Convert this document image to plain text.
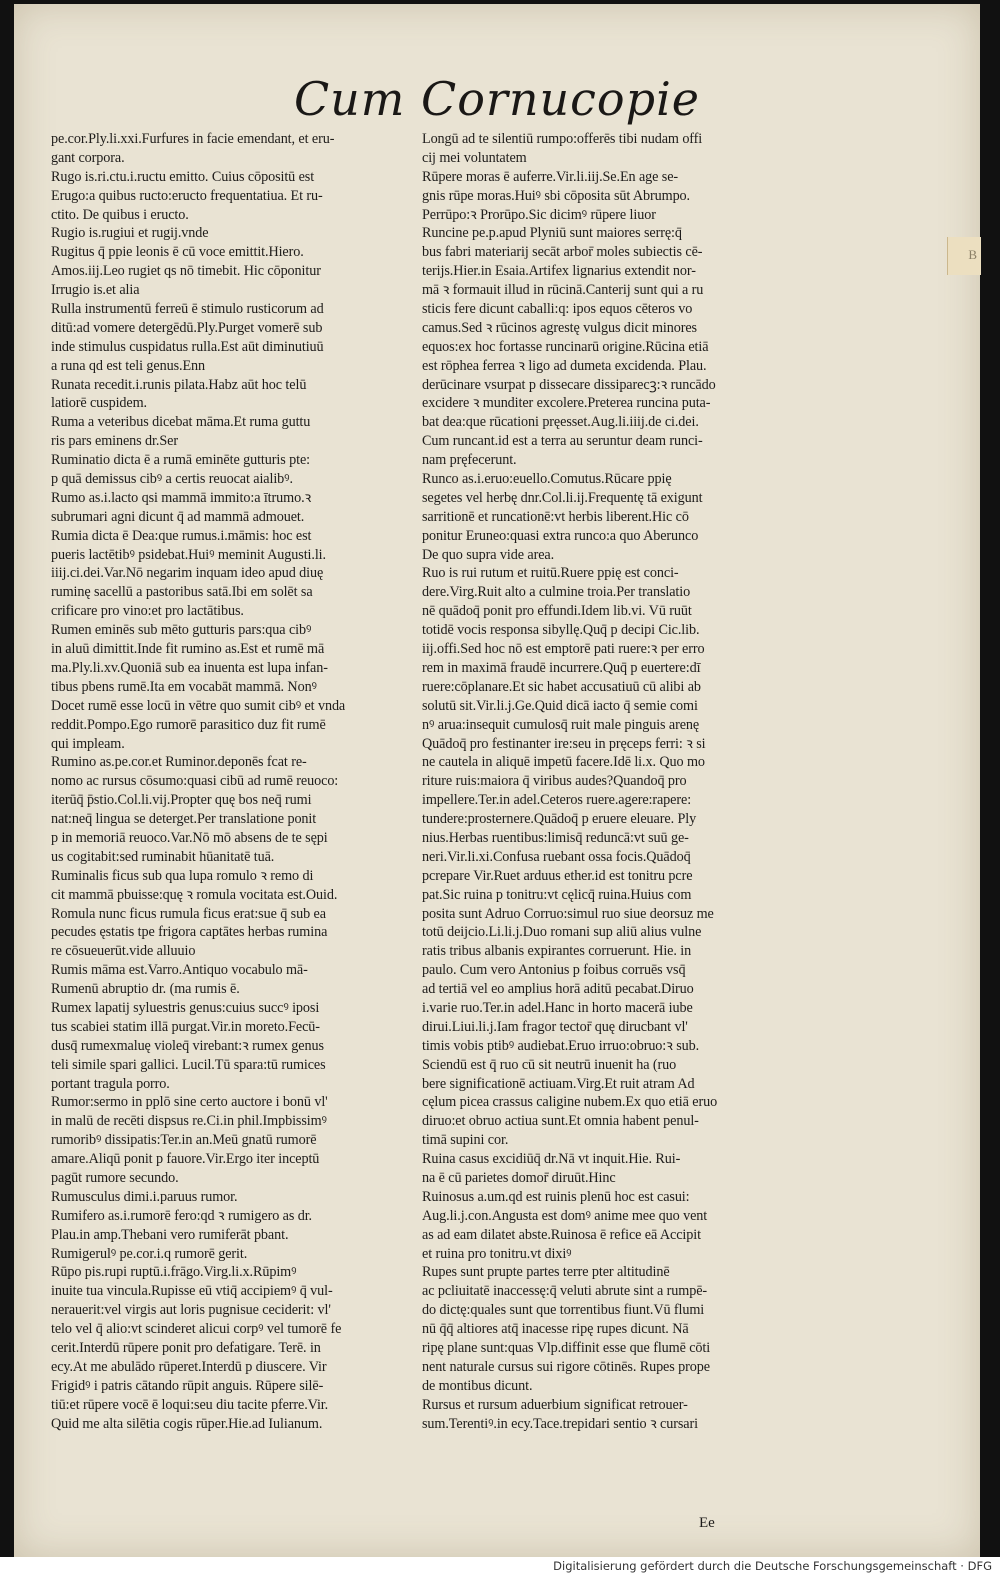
Cum Cornucopie
pe.cor.Ply.li.xxi.Furfures in facie emendant, et eru-
gant corpora.
Rugo is.ri.ctu.i.ructu emitto. Cuius cōpositū est
Erugo:a quibus ructo:eructo frequentatiua. Et ru-
ctito. De quibus i eructo.
Rugio is.rugiui et rugij.vnde
Rugitus q̄ ppie leonis ē cū voce emittit.Hiero.
Amos.iij.Leo rugiet qs nō timebit. Hic cōponitur
Irrugio is.et alia
Rulla instrumentū ferreū ē stimulo rusticorum ad
ditū:ad vomere detergēdū.Ply.Purget vomerē sub
inde stimulus cuspidatus rulla.Est aūt diminutiuū
a runa qd est teli genus.Enn
Runata recedit.i.runis pilata.Habz aūt hoc telū
latiorē cuspidem.
Ruma a veteribus dicebat māma.Et ruma guttu
ris pars eminens dr.Ser
Ruminatio dicta ē a rumā eminēte gutturis pte:
p quā demissus cibꝰ a certis reuocat aialibꝰ.
Rumo as.i.lacto qsi mammā immito:a ītrumo.ꝛ
subrumari agni dicunt q̄ ad mammā admouet.
Rumia dicta ē Dea:que rumus.i.māmis: hoc est
pueris lactētibꝰ psidebat.Huiꝰ meminit Augusti.li.
iiij.ci.dei.Var.Nō negarim inquam ideo apud diuę
ruminę sacellū a pastoribus satā.Ibi em solēt sa
crificare pro vino:et pro lactātibus.
Rumen eminēs sub mēto gutturis pars:qua cibꝰ
in aluū dimittit.Inde fit rumino as.Est et rumē mā
ma.Ply.li.xv.Quoniā sub ea inuenta est lupa infan-
tibus pbens rumē.Ita em vocabāt mammā. Nonꝰ
Docet rumē esse locū in vētre quo sumit cibꝰ et vnda
reddit.Pompo.Ego rumorē parasitico duz fit rumē
qui impleam.
Rumino as.pe.cor.et Ruminor.deponēs fcat re-
nomo ac rursus cōsumo:quasi cibū ad rumē reuoco:
iterūq̄ p̄stio.Col.li.vij.Propter quę bos neq̄ rumi
nat:neq̄ lingua se deterget.Per translatione ponit
p in memoriā reuoco.Var.Nō mō absens de te sępi
us cogitabit:sed ruminabit hūanitatē tuā.
Ruminalis ficus sub qua lupa romulo ꝛ remo di
cit mammā pbuisse:quę ꝛ romula vocitata est.Ouid.
Romula nunc ficus rumula ficus erat:sue q̄ sub ea
pecudes ęstatis tpe frigora captātes herbas rumina
re cōsueuerūt.vide alluuio
Rumis māma est.Varro.Antiquo vocabulo mā-
Rumenū abruptio dr. (ma rumis ē.
Rumex lapatij syluestris genus:cuius succꝰ iposi
tus scabiei statim illā purgat.Vir.in moreto.Fecū-
dusq̄ rumexmaluę violeq̄ virebant:ꝛ rumex genus
teli simile spari gallici. Lucil.Tū spara:tū rumices
portant tragula porro.
Rumor:sermo in pplō sine certo auctore i bonū vl'
in malū de recēti dispsus re.Ci.in phil.Impbissimꝰ
rumoribꝰ dissipatis:Ter.in an.Meū gnatū rumorē
amare.Aliqū ponit p fauore.Vir.Ergo iter inceptū
pagūt rumore secundo.
Rumusculus dimi.i.paruus rumor.
Rumifero as.i.rumorē fero:qd ꝛ rumigero as dr.
Plau.in amp.Thebani vero rumiferāt pbant.
Rumigerulꝰ pe.cor.i.q rumorē gerit.
Rūpo pis.rupi ruptū.i.frāgo.Virg.li.x.Rūpimꝰ
inuite tua vincula.Rupisse eū vtiq̄ accipiemꝰ q̄ vul-
nerauerit:vel virgis aut loris pugnisue ceciderit: vl'
telo vel q̄ alio:vt scinderet alicui corpꝰ vel tumorē fe
cerit.Interdū rūpere ponit pro defatigare. Terē. in
ecy.At me abulādo rūperet.Interdū p diuscere. Vir
Frigidꝰ i patris cātando rūpit anguis. Rūpere silē-
tiū:et rūpere vocē ē loqui:seu diu tacite pferre.Vir.
Quid me alta silētia cogis rūper.Hie.ad Iulianum.
Longū ad te silentiū rumpo:offerēs tibi nudam offi
cij mei voluntatem
Rūpere moras ē auferre.Vir.li.iij.Se.En age se-
gnis rūpe moras.Huiꝰ sbi cōposita sūt Abrumpo.
Perrūpo:ꝛ Prorūpo.Sic dicimꝰ rūpere liuor
Runcine pe.p.apud Plyniū sunt maiores serrę:q̄
bus fabri materiarij secāt arbor̄ moles subiectis cē-
terijs.Hier.in Esaia.Artifex lignarius extendit nor-
mā ꝛ formauit illud in rūcinā.Canterij sunt qui a ru
sticis fere dicunt caballi:q: ipos equos cēteros vo
camus.Sed ꝛ rūcinos agrestę vulgus dicit minores
equos:ex hoc fortasse runcinarū origine.Rūcina etiā
est rōphea ferrea ꝛ ligo ad dumeta excidenda. Plau.
derūcinare vsurpat p dissecare dissiparecꝫ:ꝛ runcādo
excidere ꝛ munditer excolere.Preterea runcina puta-
bat dea:que rūcationi pręesset.Aug.li.iiij.de ci.dei.
Cum runcant.id est a terra au seruntur deam runci-
nam pręfecerunt.
Runco as.i.eruo:euello.Comutus.Rūcare ppię
segetes vel herbę dnr.Col.li.ij.Frequentę tā exigunt
sarritionē et runcationē:vt herbis liberent.Hic cō
ponitur Eruneo:quasi extra runco:a quo Aberunco
De quo supra vide area.
Ruo is rui rutum et ruitū.Ruere ppię est conci-
dere.Virg.Ruit alto a culmine troia.Per translatio
nē quādoq̄ ponit pro effundi.Idem lib.vi. Vū ruūt
totidē vocis responsa sibyllę.Quq̄ p decipi Cic.lib.
iij.offi.Sed hoc nō est emptorē pati ruere:ꝛ per erro
rem in maximā fraudē incurrere.Quq̄ p euertere:dī
ruere:cōplanare.Et sic habet accusatiuū cū alibi ab
solutū sit.Vir.li.j.Ge.Quid dicā iacto q̄ semie comi
nꝰ arua:insequit cumulosq̄ ruit male pinguis arenę
Quādoq̄ pro festinanter ire:seu in pręceps ferri: ꝛ si
ne cautela in aliquē impetū facere.Idē li.x. Quo mo
riture ruis:maiora q̄ viribus audes?Quandoq̄ pro
impellere.Ter.in adel.Ceteros ruere.agere:rapere:
tundere:prosternere.Quādoq̄ p eruere eleuare. Ply
nius.Herbas ruentibus:limisq̄ reduncā:vt suū ge-
neri.Vir.li.xi.Confusa ruebant ossa focis.Quādoq̄
pcrepare Vir.Ruet arduus ether.id est tonitru pcre
pat.Sic ruina p tonitru:vt cęlicq̄ ruina.Huius com
posita sunt Adruo Corruo:simul ruo siue deorsuz me
totū deijcio.Li.li.j.Duo romani sup aliū alius vulne
ratis tribus albanis expirantes corruerunt. Hie. in
paulo. Cum vero Antonius p foibus corruēs vsq̄
ad tertiā vel eo amplius horā aditū pecabat.Diruo
i.varie ruo.Ter.in adel.Hanc in horto macerā iube
dirui.Liui.li.j.Iam fragor tector̄ quę dirucbant vl'
timis vobis ptibꝰ audiebat.Eruo irruo:obruo:ꝛ sub.
Sciendū est q̄ ruo cū sit neutrū inuenit ha (ruo
bere significationē actiuam.Virg.Et ruit atram Ad
cęlum picea crassus caligine nubem.Ex quo etiā eruo
diruo:et obruo actiua sunt.Et omnia habent penul-
timā supini cor.
Ruina casus excidiūq̄ dr.Nā vt inquit.Hie. Rui-
na ē cū parietes domor̄ diruūt.Hinc
Ruinosus a.um.qd est ruinis plenū hoc est casui:
Aug.li.j.con.Angusta est domꝰ anime mee quo vent
as ad eam dilatet abste.Ruinosa ē refice eā Accipit
et ruina pro tonitru.vt dixiꝰ
Rupes sunt prupte partes terre pter altitudinē
ac pcliuitatē inaccessę:q̄ veluti abrute sint a rumpē-
do dictę:quales sunt que torrentibus fiunt.Vū flumi
nū q̄q̄ altiores atq̄ inacesse ripę rupes dicunt. Nā
ripę plane sunt:quas Vlp.diffinit esse que flumē cōti
nent naturale cursus sui rigore cōtinēs. Rupes prope
de montibus dicunt.
Rursus et rursum aduerbium significat retrouer-
sum.Terentiꝰ.in ecy.Tace.trepidari sentio ꝛ cursari
Ee
B
Digitalisierung gefördert durch die Deutsche Forschungsgemeinschaft · DFG
